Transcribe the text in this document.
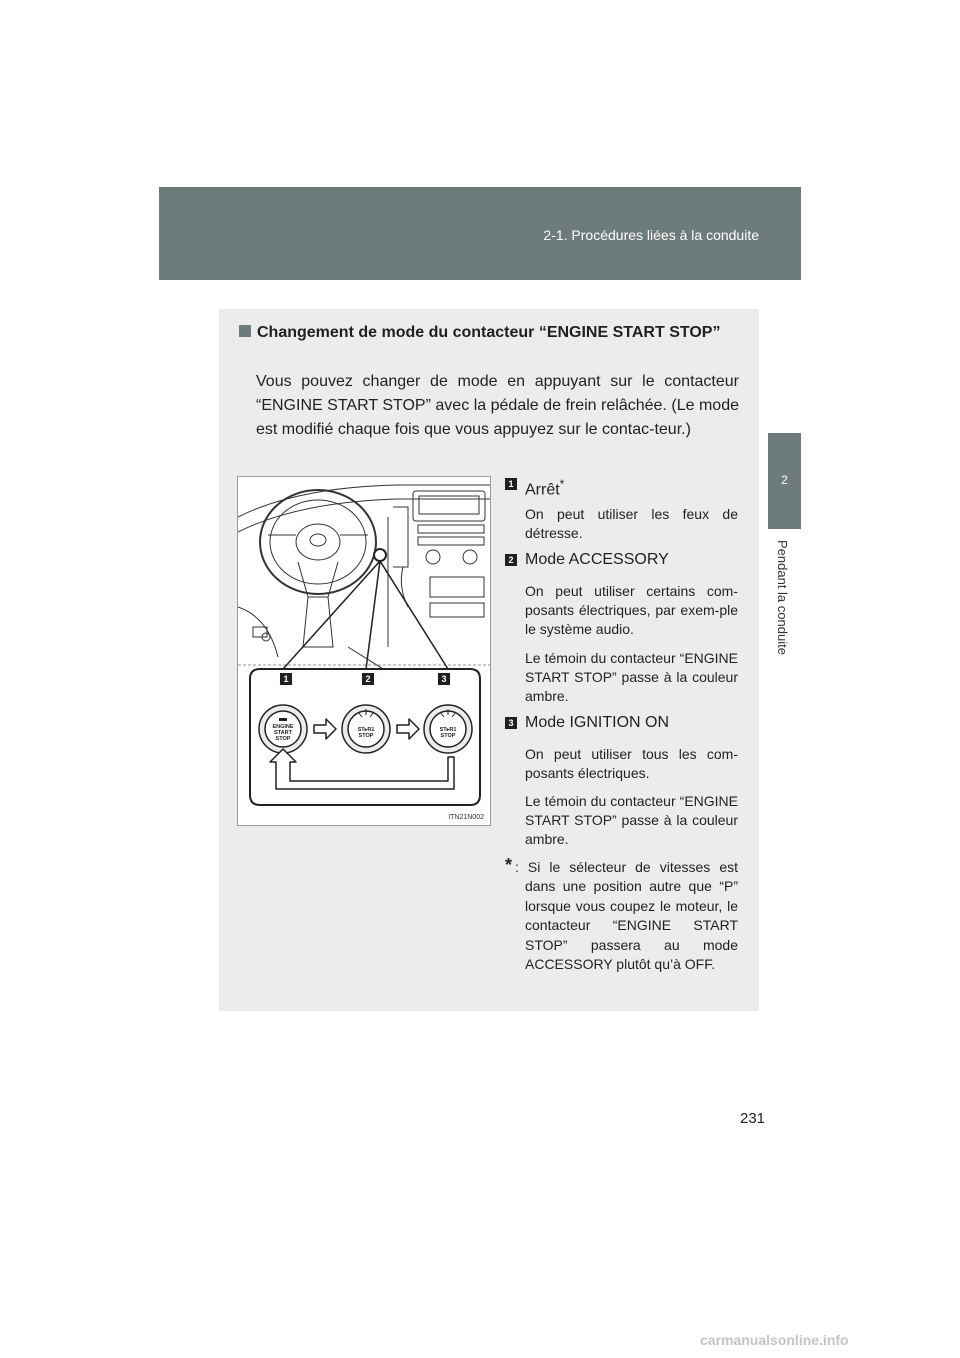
2-1. Procédures liées à la conduite
2
Pendant la conduite
Changement de mode du contacteur “ENGINE START STOP”
Vous pouvez changer de mode en appuyant sur le contacteur “ENGINE START STOP” avec la pédale de frein relâchée. (Le mode est modifié chaque fois que vous appuyez sur le contac-teur.)
ENGINE
START
STOP
ST▸R1
STOP
ST▸R1
STOP
1	2	3
ITN21N002
1 Arrêt*
On peut utiliser les feux de détresse.
2 Mode ACCESSORY
On peut utiliser certains com-posants électriques, par exem-ple le système audio.
Le témoin du contacteur “ENGINE START STOP” passe à la couleur ambre.
3 Mode IGNITION ON
On peut utiliser tous les com-posants électriques.
Le témoin du contacteur “ENGINE START STOP” passe à la couleur ambre.
* : Si le sélecteur de vitesses est dans une position autre que “P” lorsque vous coupez le moteur, le contacteur “ENGINE START STOP” passera au mode ACCESSORY plutôt qu’à OFF.
231
carmanualsonline.info
